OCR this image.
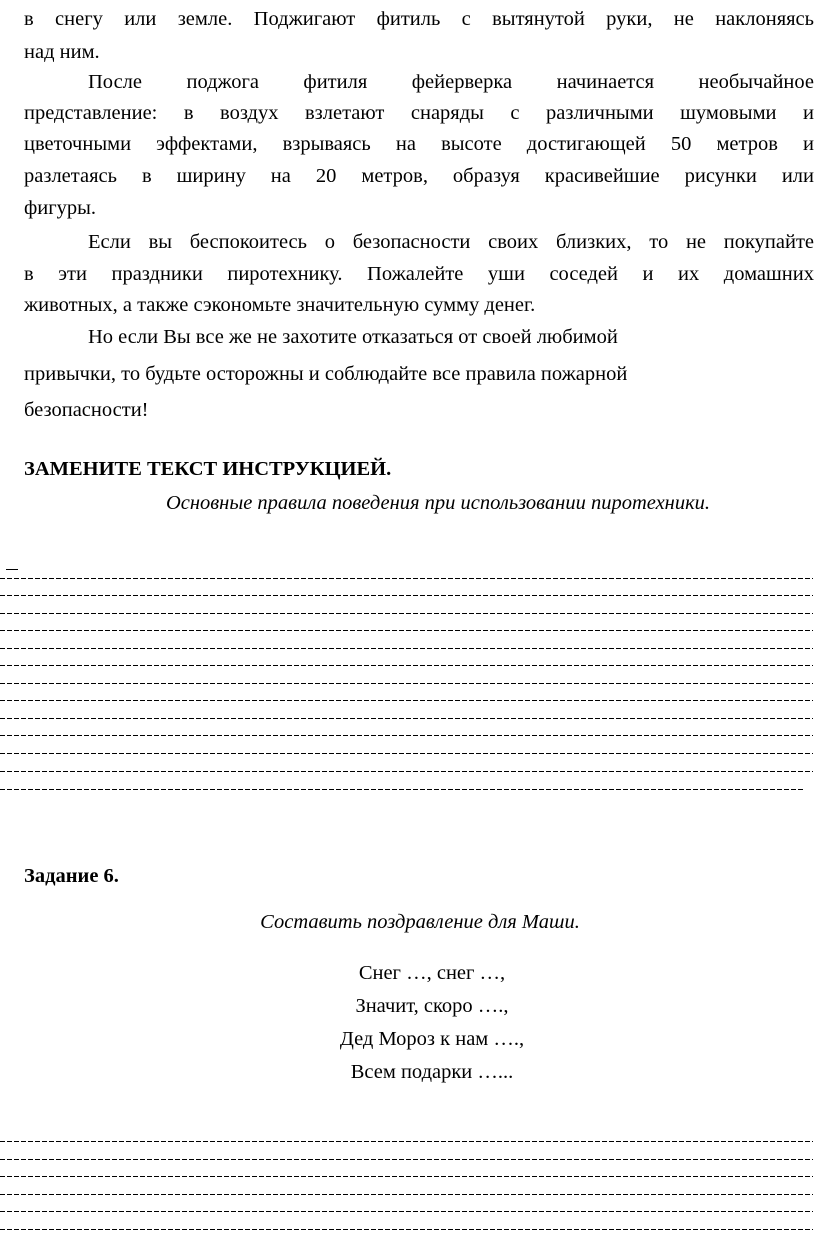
в снегу или земле. Поджигают фитиль с вытянутой руки, не наклоняясь
над ним.
После поджога фитиля фейерверка начинается необычайное
представление: в воздух взлетают снаряды с различными шумовыми и
цветочными эффектами, взрываясь на высоте достигающей 50 метров и
разлетаясь в ширину на 20 метров, образуя красивейшие рисунки или
фигуры.
Если вы беспокоитесь о безопасности своих близких, то не покупайте
в эти праздники пиротехнику. Пожалейте уши соседей и их домашних
животных, а также сэкономьте значительную сумму денег.
Но если Вы все же не захотите отказаться от своей любимой
привычки, то будьте осторожны и соблюдайте все правила пожарной
безопасности!
ЗАМЕНИТЕ ТЕКСТ ИНСТРУКЦИЕЙ.
Основные правила поведения при использовании пиротехники.
Задание 6.
Составить поздравление для Маши.
Снег …, снег …,
Значит, скоро ….,
Дед Мороз к нам ….,
Всем подарки …...
